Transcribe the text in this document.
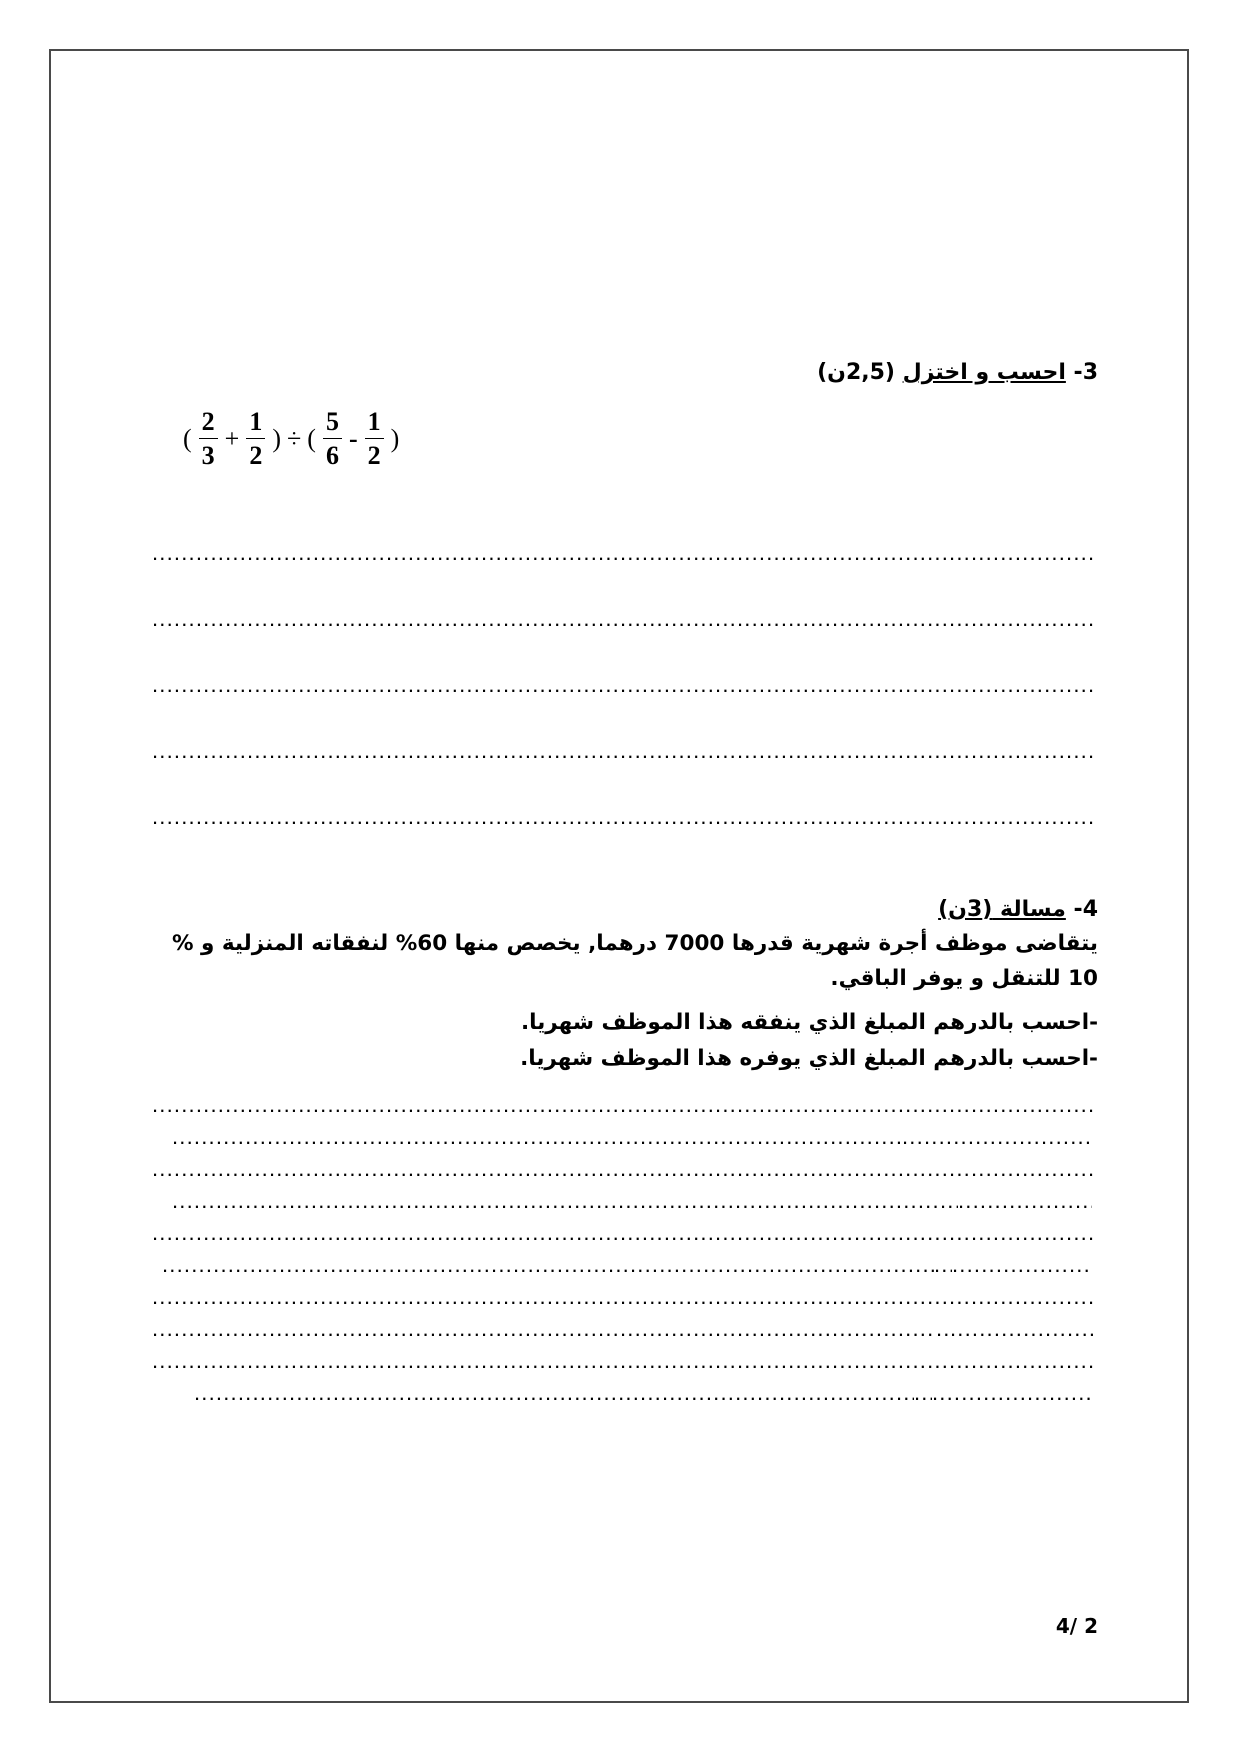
3- احسب و اختزل (2,5ن)
( $\frac{2}{3} + \frac{1}{2}$ ) ÷ ( $\frac{5}{6} - \frac{1}{2}$ )
.....
.....
.....
.....
.....
4- مسالة (3ن)
يتقاضى موظف أجرة شهرية قدرها 7000 درهما, يخصص منها 60% لنفقاته المنزلية و % 10 للتنقل و يوفر الباقي.
-احسب بالدرهم المبلغ الذي ينفقه هذا الموظف شهريا.
-احسب بالدرهم المبلغ الذي يوفره هذا الموظف شهريا.
.....
...............
.....
...............
.....
...............
.....
...............
.....
...............
4/ 2
